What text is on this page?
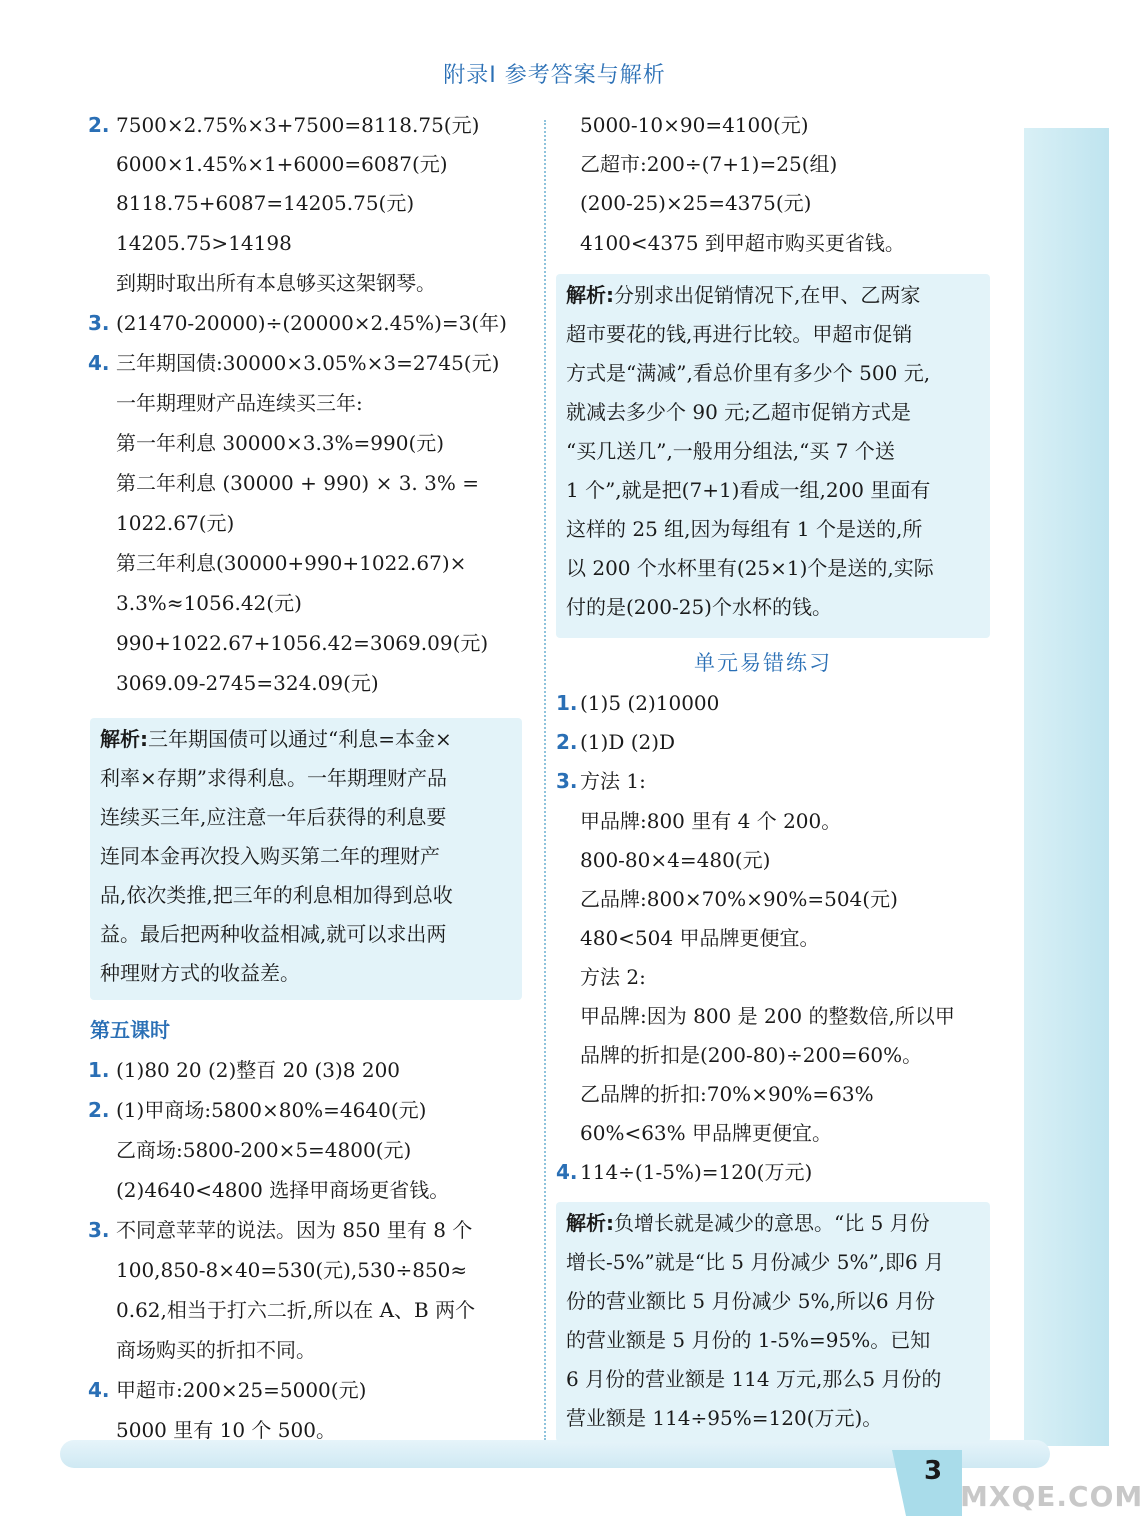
附录Ⅰ 参考答案与解析
3
MXQE.COM
2. 7500×2.75%×3+7500=8118.75(元)
6000×1.45%×1+6000=6087(元)
8118.75+6087=14205.75(元)
14205.75>14198
到期时取出所有本息够买这架钢琴。
3. (21470-20000)÷(20000×2.45%)=3(年)
4. 三年期国债:30000×3.05%×3=2745(元)
一年期理财产品连续买三年:
第一年利息 30000×3.3%=990(元)
第二年利息 (30000 + 990) × 3. 3% =
1022.67(元)
第三年利息(30000+990+1022.67)×
3.3%≈1056.42(元)
990+1022.67+1056.42=3069.09(元)
3069.09-2745=324.09(元)
解析:三年期国债可以通过“利息=本金×
利率×存期”求得利息。一年期理财产品
连续买三年,应注意一年后获得的利息要
连同本金再次投入购买第二年的理财产
品,依次类推,把三年的利息相加得到总收
益。最后把两种收益相减,就可以求出两
种理财方式的收益差。
第五课时
1. (1)80 20 (2)整百 20 (3)8 200
2. (1)甲商场:5800×80%=4640(元)
乙商场:5800-200×5=4800(元)
(2)4640<4800 选择甲商场更省钱。
3. 不同意苹苹的说法。因为 850 里有 8 个
100,850-8×40=530(元),530÷850≈
0.62,相当于打六二折,所以在 A、B 两个
商场购买的折扣不同。
4. 甲超市:200×25=5000(元)
5000 里有 10 个 500。
5000-10×90=4100(元)
乙超市:200÷(7+1)=25(组)
(200-25)×25=4375(元)
4100<4375 到甲超市购买更省钱。
解析:分别求出促销情况下,在甲、乙两家
超市要花的钱,再进行比较。甲超市促销
方式是“满减”,看总价里有多少个 500 元,
就减去多少个 90 元;乙超市促销方式是
“买几送几”,一般用分组法,“买 7 个送
1 个”,就是把(7+1)看成一组,200 里面有
这样的 25 组,因为每组有 1 个是送的,所
以 200 个水杯里有(25×1)个是送的,实际
付的是(200-25)个水杯的钱。
单元易错练习
1. (1)5 (2)10000
2. (1)D (2)D
3. 方法 1:
甲品牌:800 里有 4 个 200。
800-80×4=480(元)
乙品牌:800×70%×90%=504(元)
480<504 甲品牌更便宜。
方法 2:
甲品牌:因为 800 是 200 的整数倍,所以甲
品牌的折扣是(200-80)÷200=60%。
乙品牌的折扣:70%×90%=63%
60%<63% 甲品牌更便宜。
4. 114÷(1-5%)=120(万元)
解析:负增长就是减少的意思。“比 5 月份
增长-5%”就是“比 5 月份减少 5%”,即6 月
份的营业额比 5 月份减少 5%,所以6 月份
的营业额是 5 月份的 1-5%=95%。已知
6 月份的营业额是 114 万元,那么5 月份的
营业额是 114÷95%=120(万元)。
